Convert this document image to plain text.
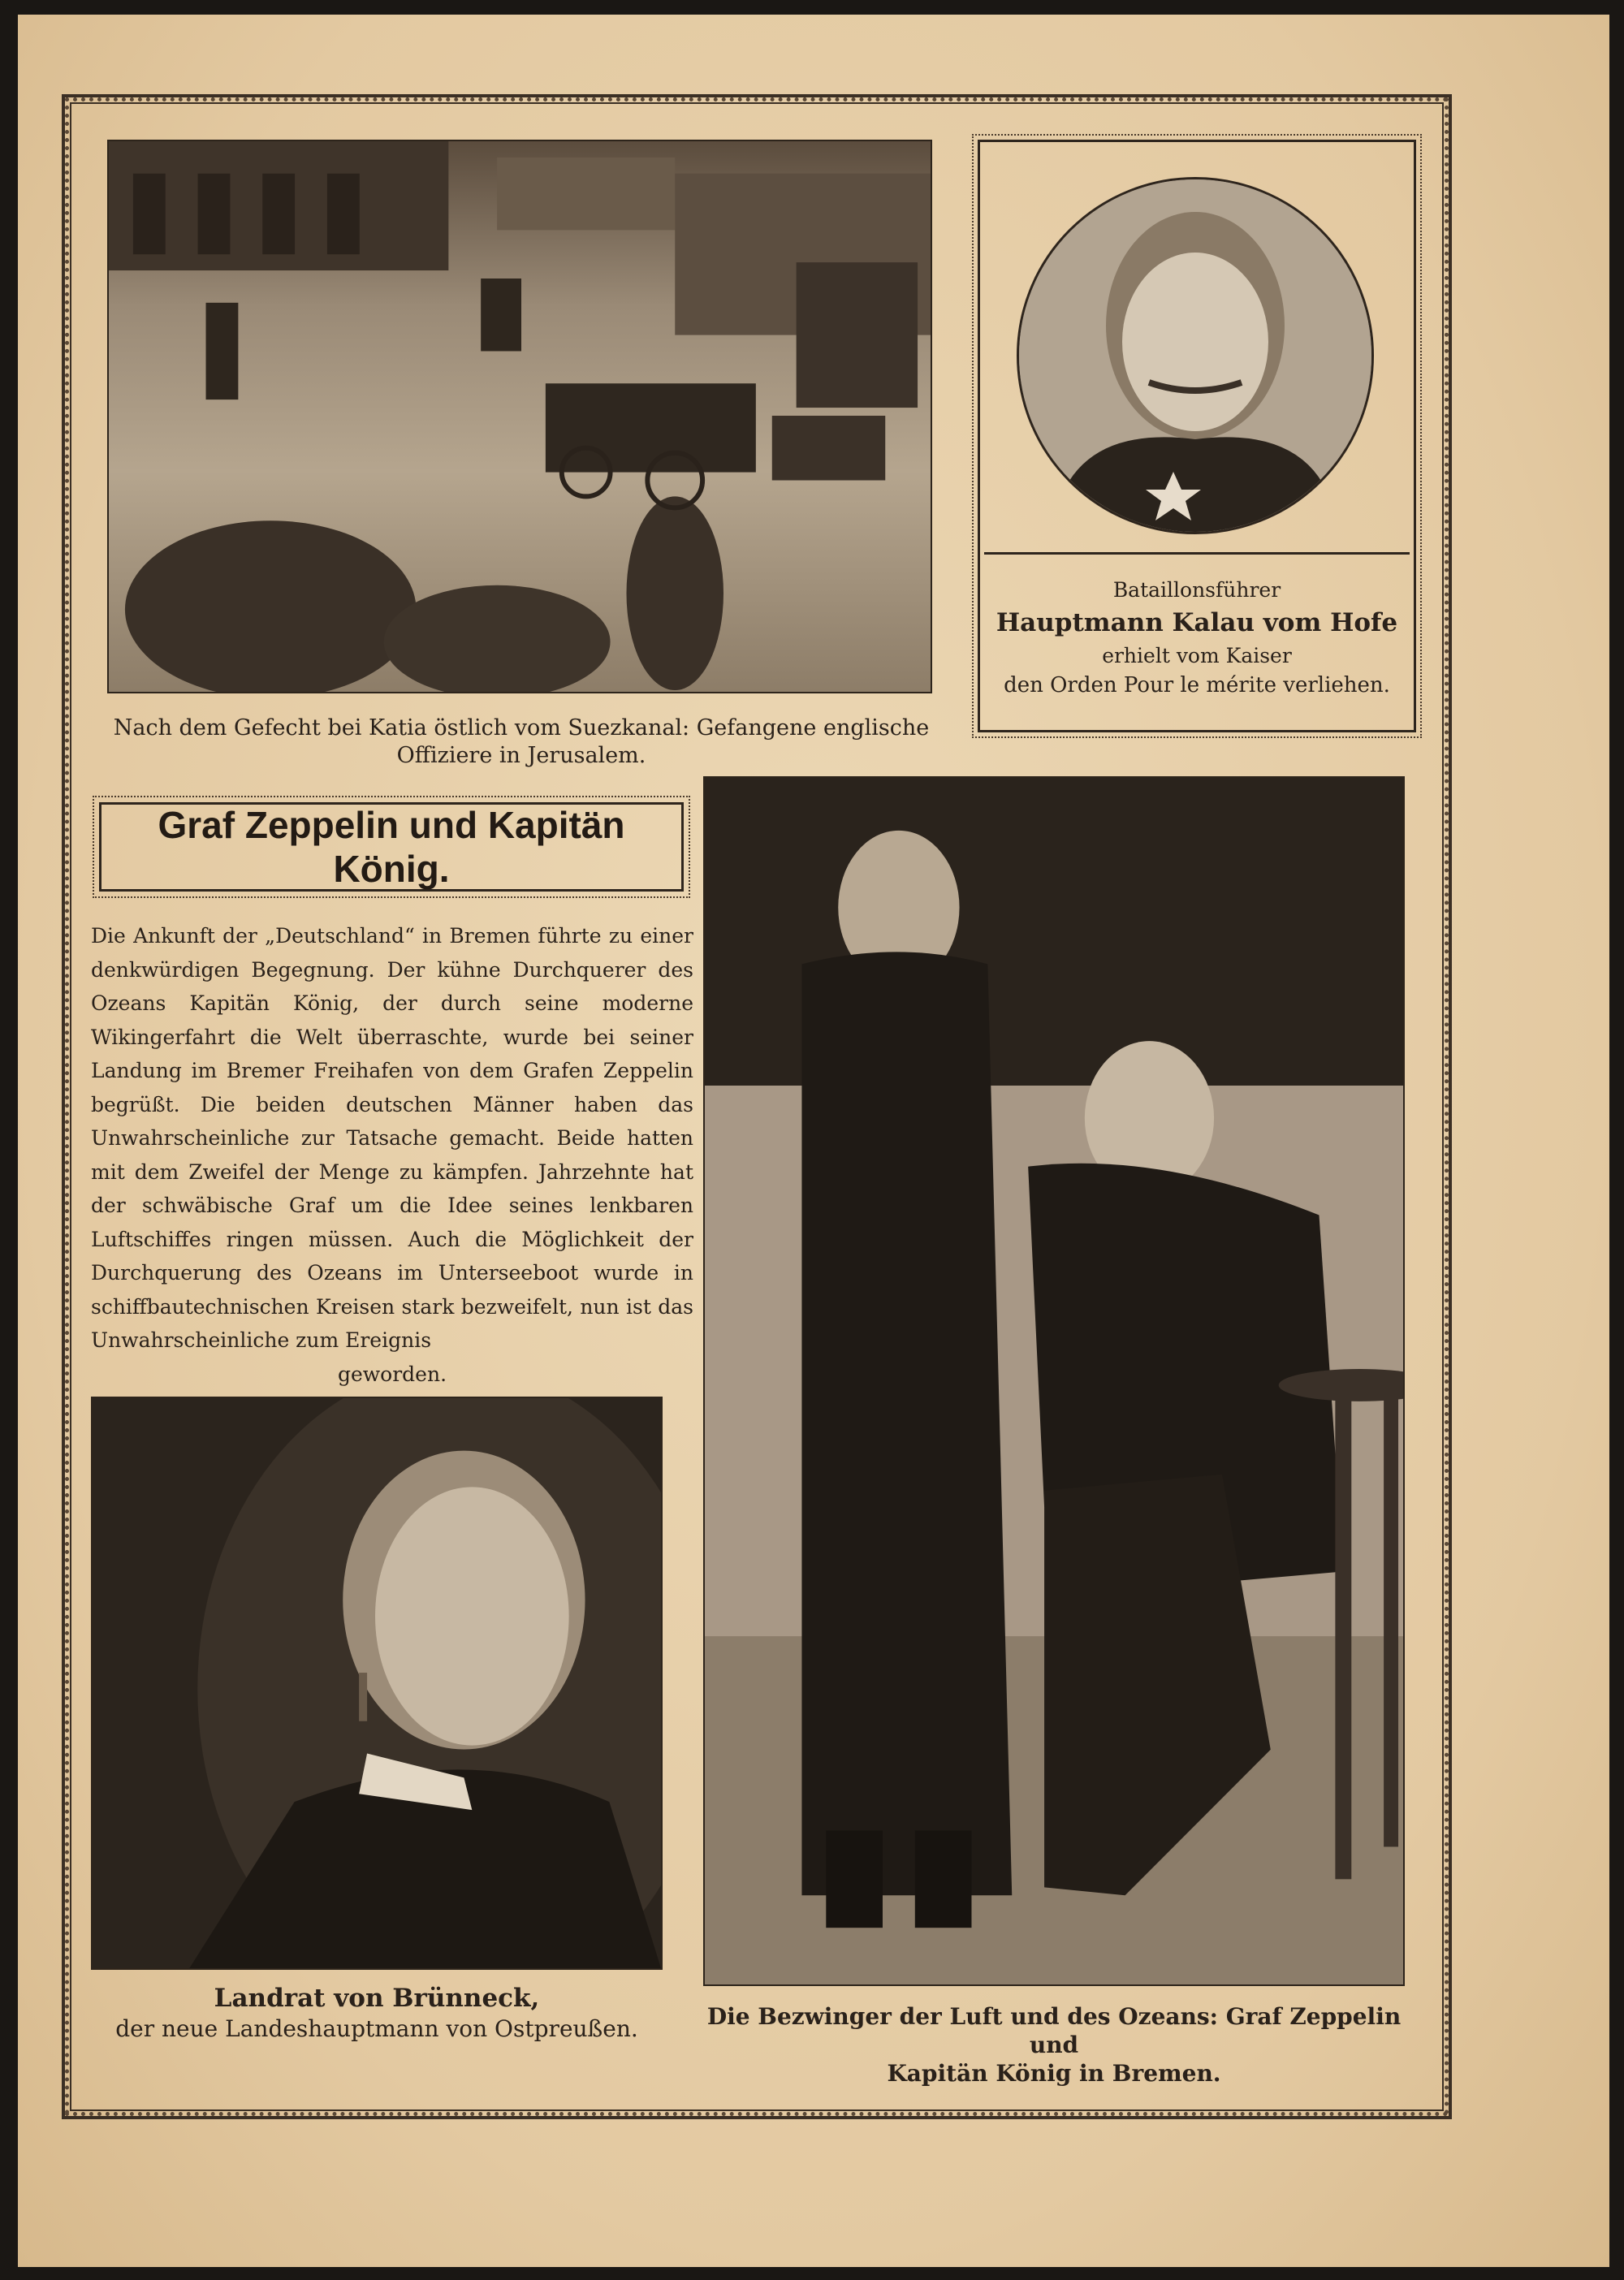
Nach dem Gefecht bei Katia östlich vom Suezkanal: Gefangene englische
Offiziere in Jerusalem.
Bataillonsführer
Hauptmann Kalau vom Hofe
erhielt vom Kaiser
den Orden Pour le mérite verliehen.
Graf Zeppelin und Kapitän König.
Die Ankunft der „Deutschland“ in Bremen führte zu einer denkwürdigen Begegnung. Der kühne Durchquerer des Ozeans Kapitän König, der durch seine moderne Wikingerfahrt die Welt überraschte, wurde bei seiner Landung im Bremer Freihafen von dem Grafen Zeppelin begrüßt. Die beiden deutschen Männer haben das Unwahrscheinliche zur Tatsache gemacht. Beide hatten mit dem Zweifel der Menge zu kämpfen. Jahrzehnte hat der schwäbische Graf um die Idee seines lenkbaren Luftschiffes ringen müssen. Auch die Möglichkeit der Durchquerung des Ozeans im Unterseeboot wurde in schiffbautechnischen Kreisen stark bezweifelt, nun ist das Unwahrscheinliche zum Ereignis
geworden.
Landrat von Brünneck,
der neue Landeshauptmann von Ostpreußen.	Die Bezwinger der Luft und des Ozeans: Graf Zeppelin und
Kapitän König in Bremen.
